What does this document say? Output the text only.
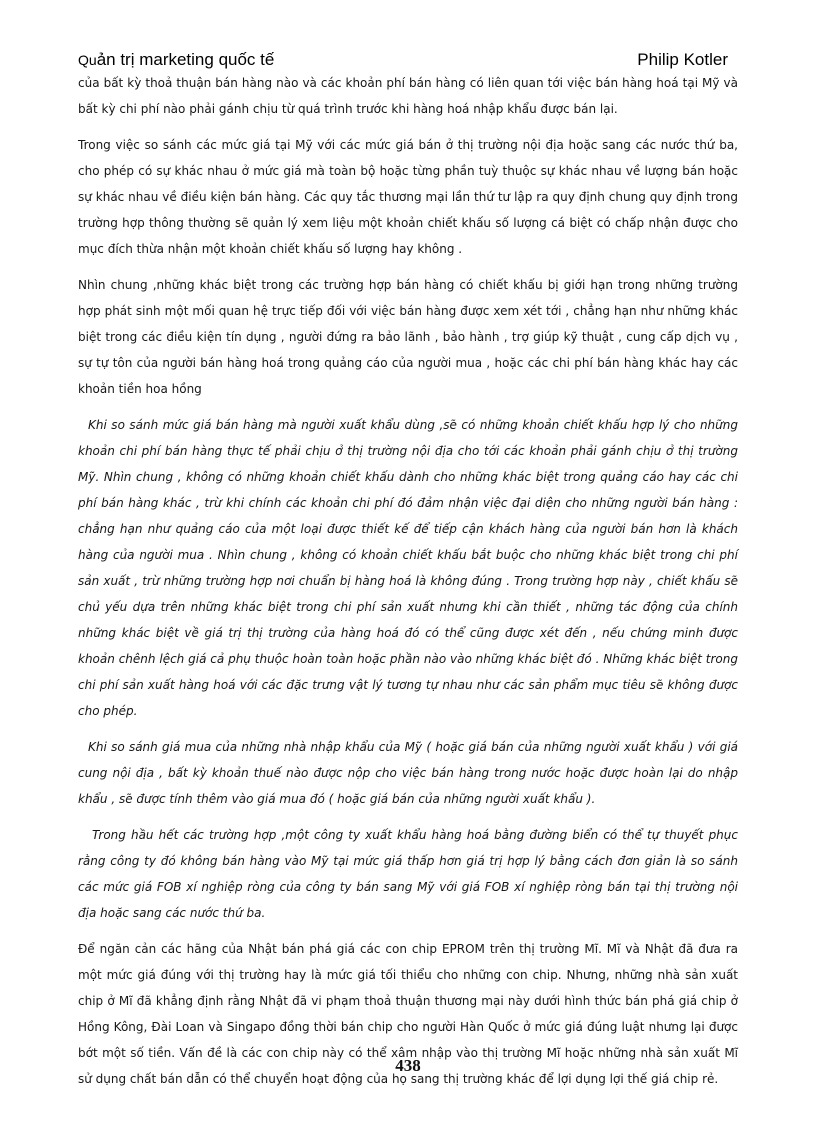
Quản trị marketing quốc tế	Philip Kotler

của bất kỳ thoả thuận bán hàng nào và các khoản phí bán hàng có liên quan tới việc bán hàng hoá tại Mỹ và bất kỳ chi phí nào phải gánh chịu từ quá trình trước khi hàng hoá nhập khẩu được bán lại.

Trong việc so sánh các mức giá tại Mỹ với các mức giá bán ở thị trường nội địa hoặc sang các nước thứ ba, cho phép có sự khác nhau ở mức giá mà toàn bộ hoặc từng phần tuỳ thuộc sự khác nhau về lượng bán hoặc sự khác nhau về điều kiện bán hàng. Các quy tắc thương mại lần thứ tư lập ra quy định chung quy định trong trường hợp thông thường sẽ quản lý xem liệu một khoản chiết khấu số lượng cá biệt có chấp nhận được cho mục đích thừa nhận một khoản chiết khấu số lượng hay không .

Nhìn chung ,những khác biệt trong các trường hợp bán hàng có chiết khấu bị giới hạn trong những trường hợp phát sinh một mối quan hệ trực tiếp đối với việc bán hàng được xem xét tới , chẳng hạn như những khác biệt trong các điều kiện tín dụng , người đứng ra bảo lãnh , bảo hành , trợ giúp kỹ thuật , cung cấp dịch vụ , sự tự tôn của người bán hàng hoá trong quảng cáo của người mua , hoặc các chi phí bán hàng khác hay các khoản tiền hoa hồng

Khi so sánh mức giá bán hàng mà người xuất khẩu dùng ,sẽ có những khoản chiết khấu hợp lý cho những khoản chi phí bán hàng thực tế phải chịu ở thị trường nội địa cho tới các khoản phải gánh chịu ở thị trường Mỹ. Nhìn chung , không có những khoản chiết khấu dành cho những khác biệt trong quảng cáo hay các chi phí bán hàng khác , trừ khi chính các khoản chi phí đó đảm nhận việc đại diện cho những người bán hàng : chẳng hạn như quảng cáo của một loại được thiết kế để tiếp cận khách hàng của người bán hơn là khách hàng của người mua . Nhìn chung , không có khoản chiết khấu bắt buộc cho những khác biệt trong chi phí sản xuất , trừ những trường hợp nơi chuẩn bị hàng hoá là không đúng . Trong trường hợp này , chiết khấu sẽ chủ yếu dựa trên những khác biệt trong chi phí sản xuất nhưng khi cần thiết , những tác động của chính những khác biệt về giá trị thị trường của hàng hoá đó có thể cũng được xét đến , nếu chứng minh được khoản chênh lệch giá cả phụ thuộc hoàn toàn hoặc phần nào vào những khác biệt đó . Những khác biệt trong chi phí sản xuất hàng hoá với các đặc trưng vật lý tương tự nhau như các sản phẩm mục tiêu sẽ không được cho phép.

Khi so sánh giá mua của những nhà nhập khẩu của Mỹ ( hoặc giá bán của những người xuất khẩu ) với giá cung nội địa , bất kỳ khoản thuế nào được nộp cho việc bán hàng trong nước hoặc được hoàn lại do nhập khẩu , sẽ được tính thêm vào giá mua đó ( hoặc giá bán của những người xuất khẩu ).

Trong hầu hết các trường hợp ,một công ty xuất khẩu hàng hoá bằng đường biển có thể tự thuyết phục rằng công ty đó không bán hàng vào Mỹ tại mức giá thấp hơn giá trị hợp lý bằng cách đơn giản là so sánh các mức giá FOB xí nghiệp ròng của công ty bán sang Mỹ với giá FOB xí nghiệp ròng bán tại thị trường nội địa hoặc sang các nước thứ ba.

Để ngăn cản các hãng của Nhật bán phá giá các con chip EPROM trên thị trường Mĩ. Mĩ và Nhật đã đưa ra một mức giá đúng với thị trường hay là mức giá tối thiểu cho những con chip. Nhưng, những nhà sản xuất chip ở Mĩ đã khẳng định rằng Nhật đã vi phạm thoả thuận thương mại này dưới hình thức bán phá giá chip ở Hồng Kông, Đài Loan và Singapo đồng thời bán chip cho người Hàn Quốc ở mức giá đúng luật nhưng lại được bớt một số tiền. Vấn đề là các con chip này có thể xâm nhập vào thị trường Mĩ hoặc những nhà sản xuất Mĩ sử dụng chất bán dẫn có thể chuyển hoạt động của họ sang thị trường khác để lợi dụng lợi thế giá chip rẻ.

438
